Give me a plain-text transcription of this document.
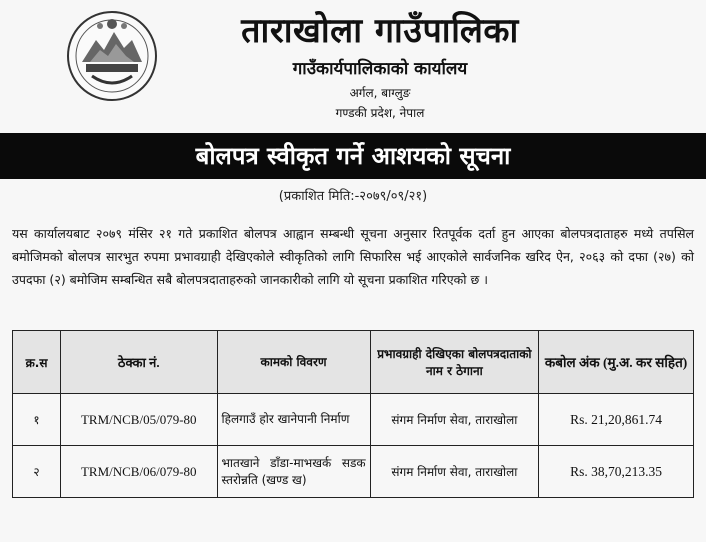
ताराखोला गाउँपालिका
गाउँकार्यपालिकाको कार्यालय
अर्गल, बाग्लुङ
गण्डकी प्रदेश, नेपाल
बोलपत्र स्वीकृत गर्ने आशयको सूचना
(प्रकाशित मिति:-२०७९/०९/२१)
यस कार्यालयबाट २०७९ मंसिर २१ गते प्रकाशित बोलपत्र आह्वान सम्बन्धी सूचना अनुसार रितपूर्वक दर्ता हुन आएका बोलपत्रदाताहरु मध्ये तपसिल बमोजिमको बोलपत्र सारभुत रुपमा प्रभावग्राही देखिएकोले स्वीकृतिको लागि सिफारिस भई आएकोले सार्वजनिक खरिद ऐन, २०६३ को दफा (२७) को उपदफा (२) बमोजिम सम्बन्धित सबै बोलपत्रदाताहरुको जानकारीको लागि यो सूचना प्रकाशित गरिएको छ ।
क्र.स	ठेक्का नं.	कामको विवरण	प्रभावग्राही देखिएका बोलपत्रदाताको नाम र ठेगाना	कबोल अंक (मु.अ. कर सहित)
१	TRM/NCB/05/079-80	हिलगाउँ होर खानेपानी निर्माण	संगम निर्माण सेवा, ताराखोला	Rs. 21,20,861.74
२	TRM/NCB/06/079-80	भातखाने डाँडा-माभखर्क सडक स्तरोन्नति (खण्ड ख)	संगम निर्माण सेवा, ताराखोला	Rs. 38,70,213.35
